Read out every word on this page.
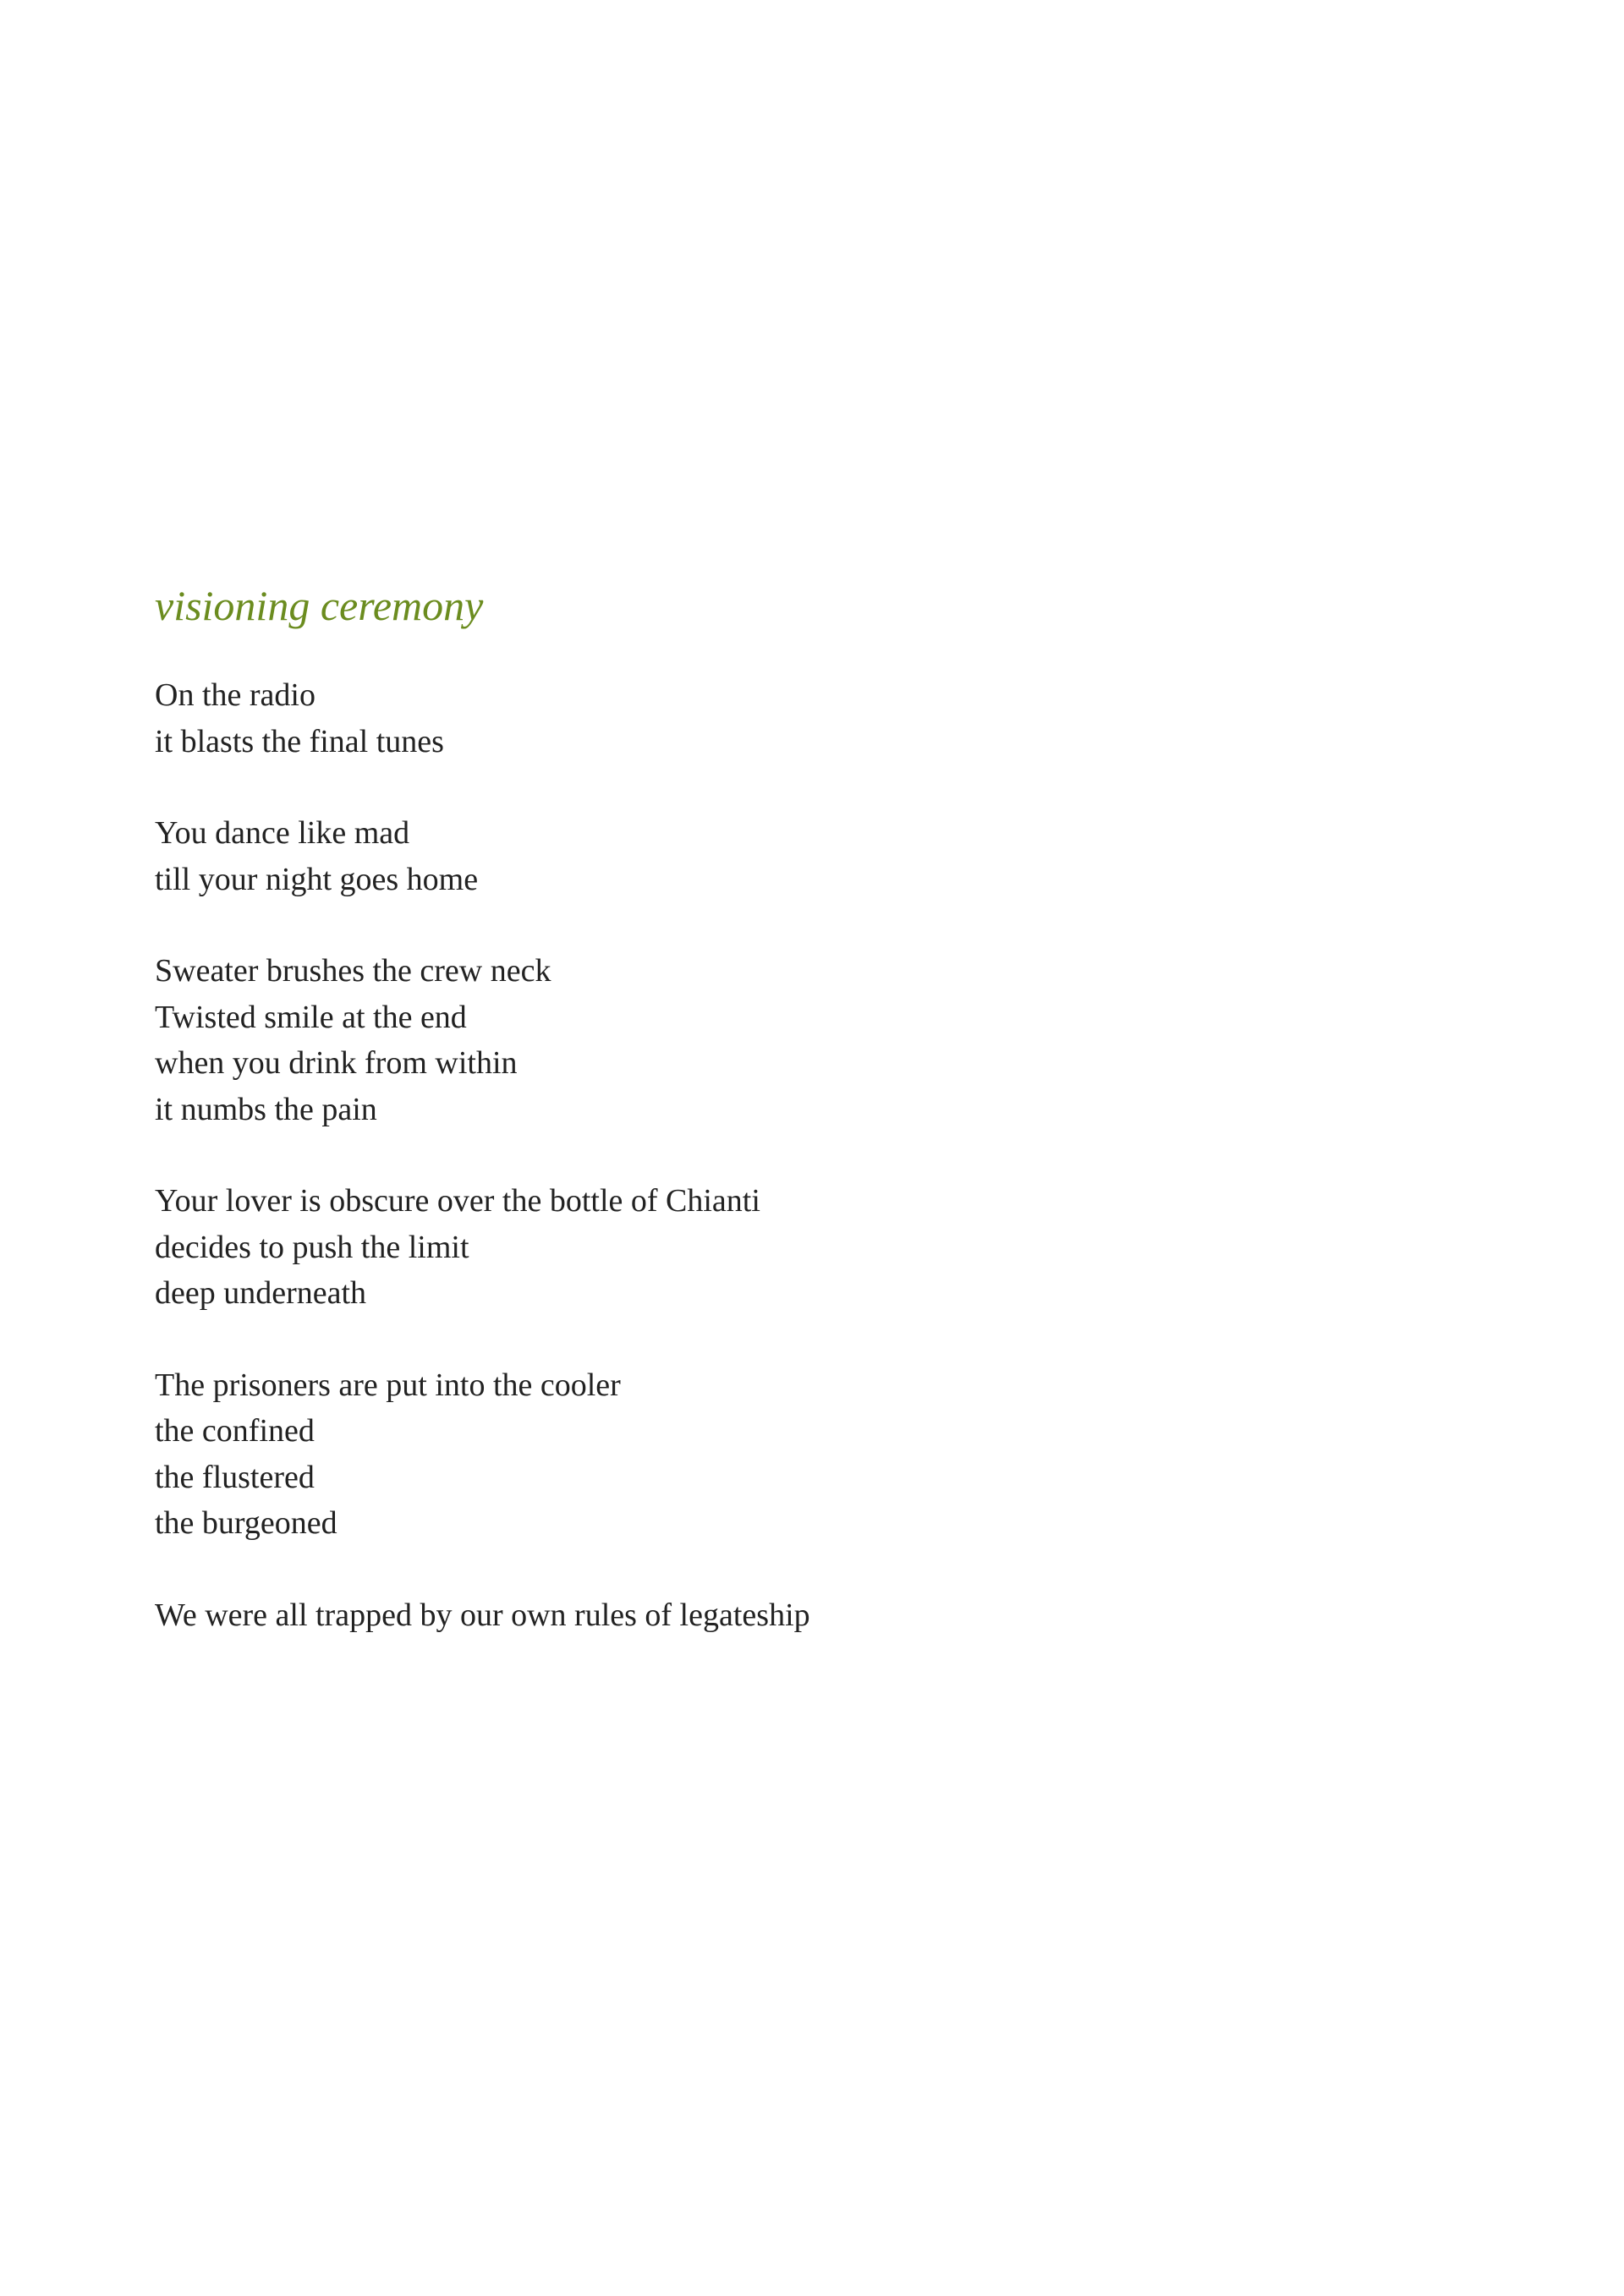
visioning ceremony
On the radio
it blasts the final tunes
You dance like mad
till your night goes home
Sweater brushes the crew neck
Twisted smile at the end
when you drink from within
it numbs the pain
Your lover is obscure over the bottle of Chianti
decides to push the limit
deep underneath
The prisoners are put into the cooler
the confined
the flustered
the burgeoned
We were all trapped by our own rules of legateship
